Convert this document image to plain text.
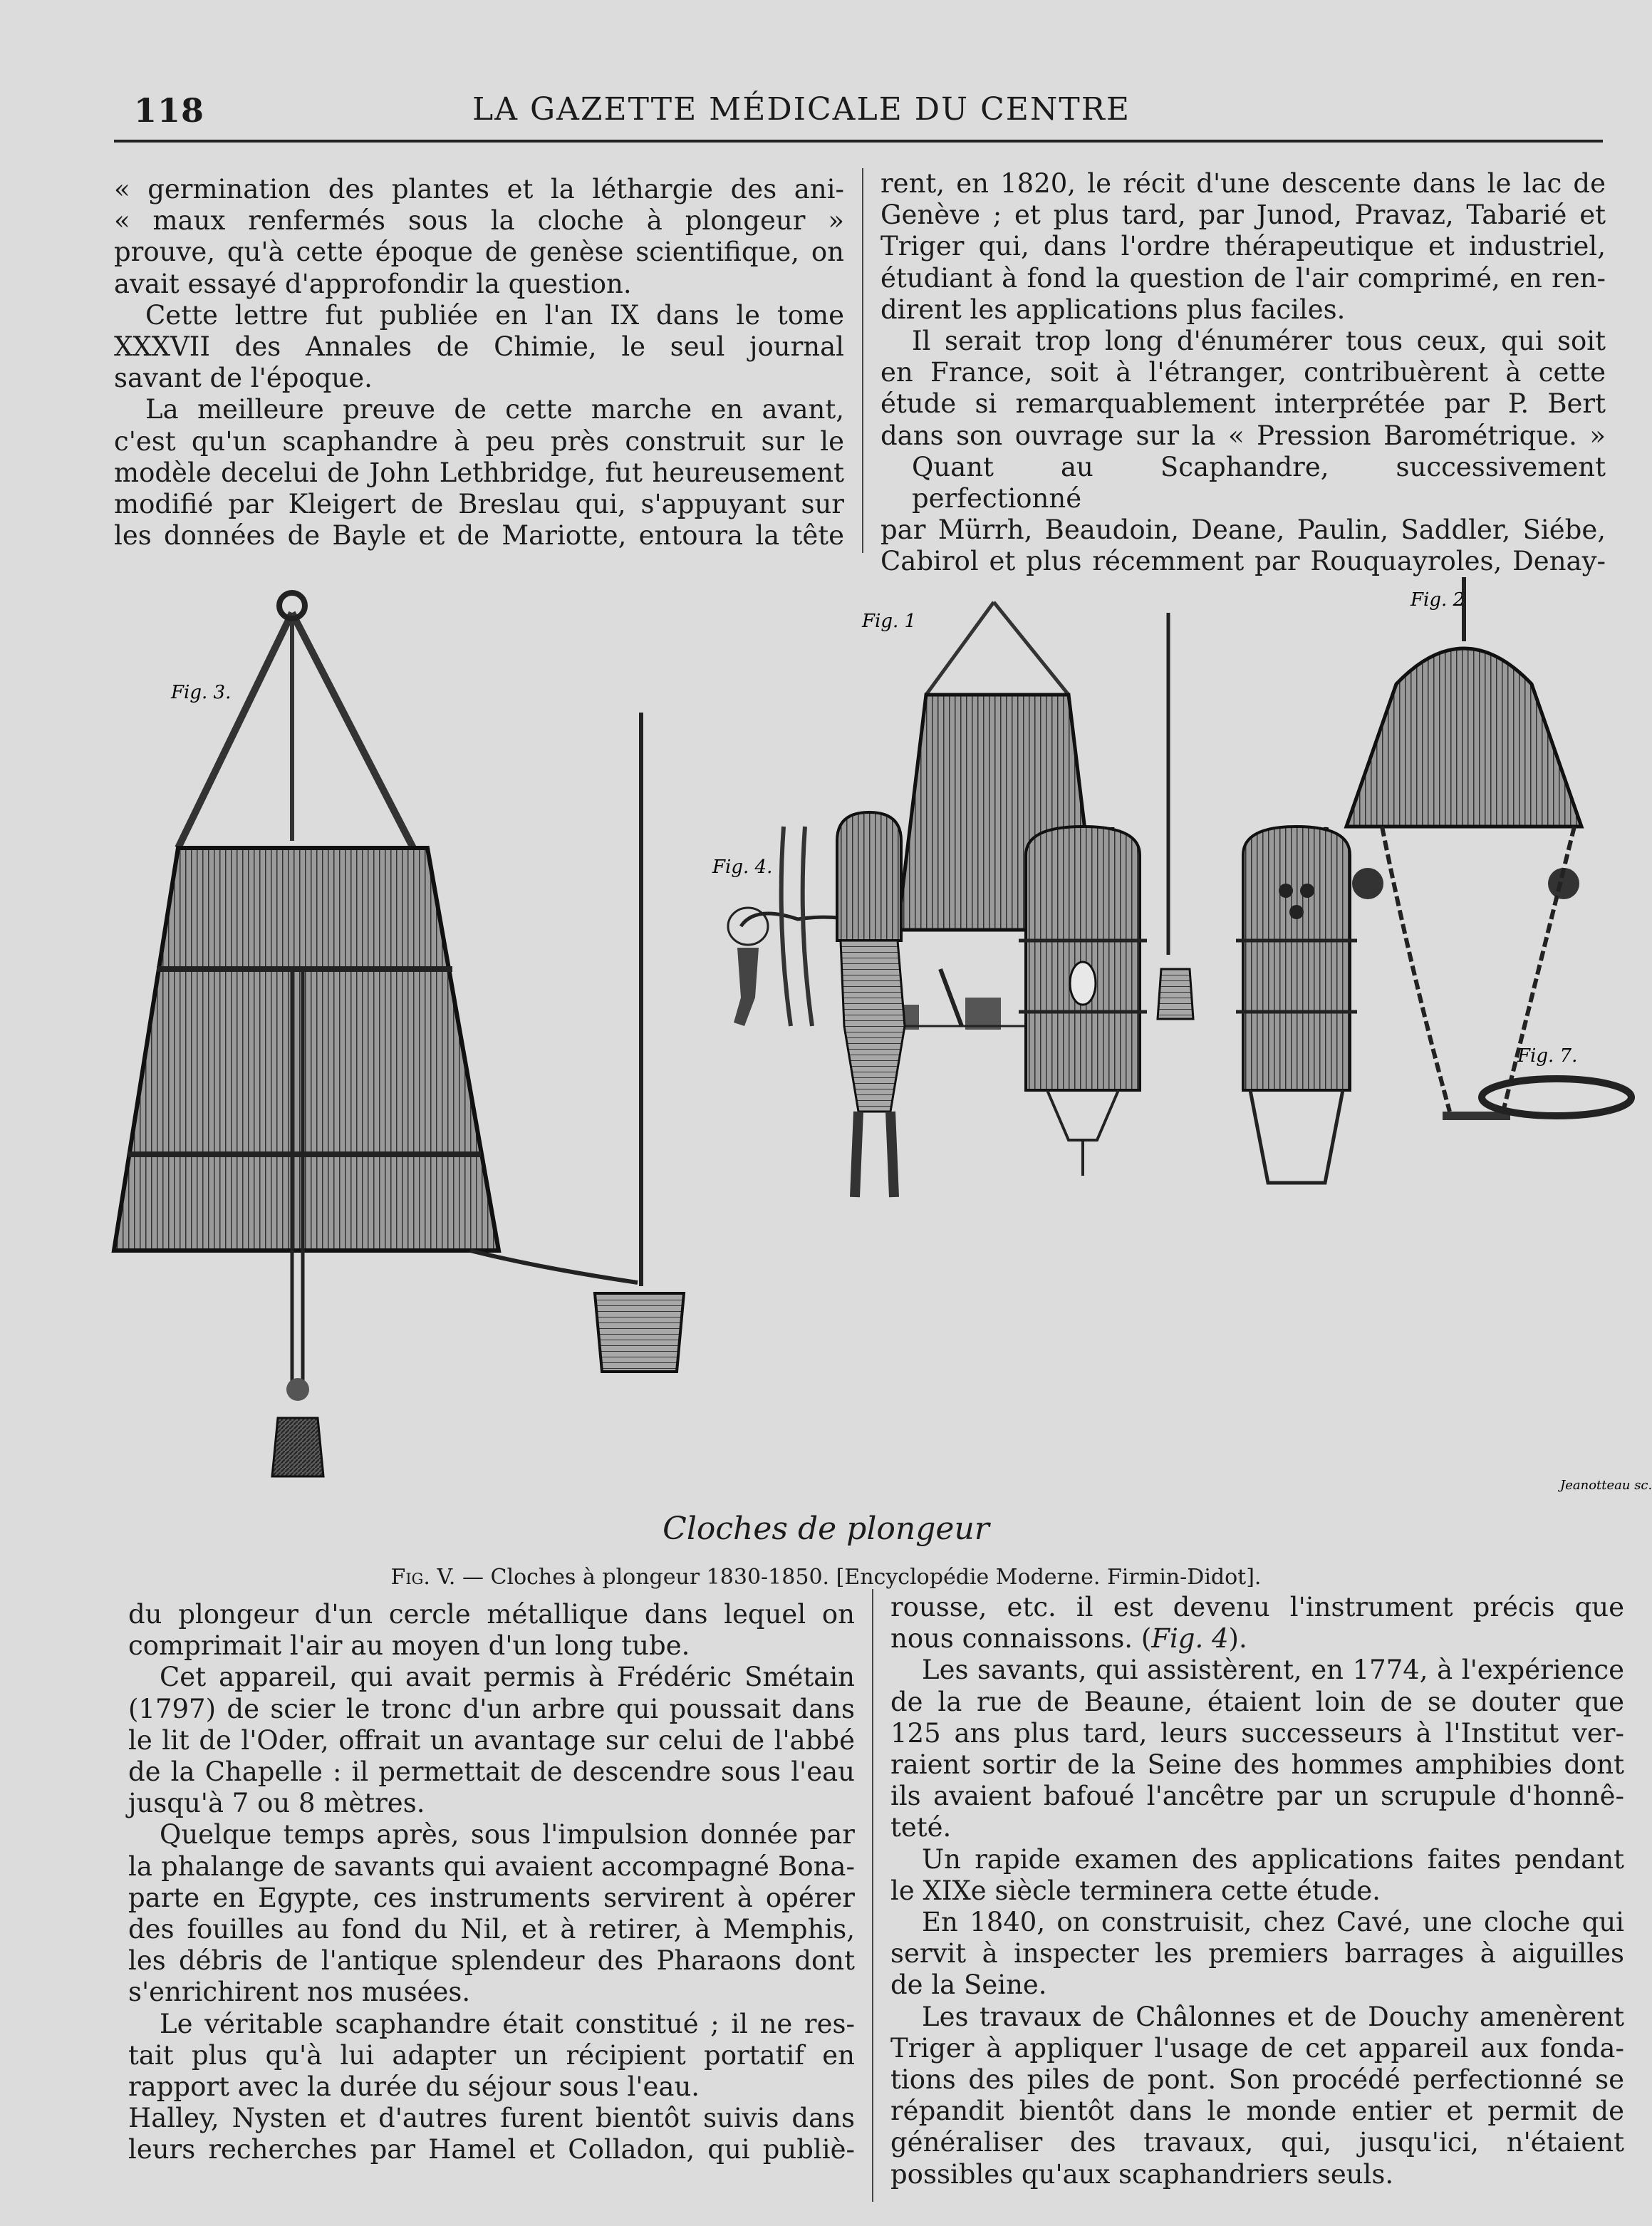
118	LA GAZETTE MÉDICALE DU CENTRE
« germination des plantes et la léthargie des ani-
« maux renfermés sous la cloche à plongeur »
prouve, qu'à cette époque de genèse scientifique, on
avait essayé d'approfondir la question.
Cette lettre fut publiée en l'an IX dans le tome
XXXVII des Annales de Chimie, le seul journal
savant de l'époque.
La meilleure preuve de cette marche en avant,
c'est qu'un scaphandre à peu près construit sur le
modèle decelui de John Lethbridge, fut heureusement
modifié par Kleigert de Breslau qui, s'appuyant sur
les données de Bayle et de Mariotte, entoura la tête
rent, en 1820, le récit d'une descente dans le lac de
Genève ; et plus tard, par Junod, Pravaz, Tabarié et
Triger qui, dans l'ordre thérapeutique et industriel,
étudiant à fond la question de l'air comprimé, en ren-
dirent les applications plus faciles.
Il serait trop long d'énumérer tous ceux, qui soit
en France, soit à l'étranger, contribuèrent à cette
étude si remarquablement interprétée par P. Bert
dans son ouvrage sur la « Pression Barométrique. »
Quant au Scaphandre, successivement perfectionné
par Mürrh, Beaudoin, Deane, Paulin, Saddler, Siébe,
Cabirol et plus récemment par Rouquayroles, Denay-
Fig. 3.
Fig. 1
Fig. 2
Fig. 4.
Fig. 7.
Jeanotteau sc.
Cloches de plongeur
Fig. V. — Cloches à plongeur 1830-1850. [Encyclopédie Moderne. Firmin-Didot].
du plongeur d'un cercle métallique dans lequel on
comprimait l'air au moyen d'un long tube.
Cet appareil, qui avait permis à Frédéric Smétain
(1797) de scier le tronc d'un arbre qui poussait dans
le lit de l'Oder, offrait un avantage sur celui de l'abbé
de la Chapelle : il permettait de descendre sous l'eau
jusqu'à 7 ou 8 mètres.
Quelque temps après, sous l'impulsion donnée par
la phalange de savants qui avaient accompagné Bona-
parte en Egypte, ces instruments servirent à opérer
des fouilles au fond du Nil, et à retirer, à Memphis,
les débris de l'antique splendeur des Pharaons dont
s'enrichirent nos musées.
Le véritable scaphandre était constitué ; il ne res-
tait plus qu'à lui adapter un récipient portatif en
rapport avec la durée du séjour sous l'eau.
Halley, Nysten et d'autres furent bientôt suivis dans
leurs recherches par Hamel et Colladon, qui publiè-
rousse, etc. il est devenu l'instrument précis que
nous connaissons. (Fig. 4).
Les savants, qui assistèrent, en 1774, à l'expérience
de la rue de Beaune, étaient loin de se douter que
125 ans plus tard, leurs successeurs à l'Institut ver-
raient sortir de la Seine des hommes amphibies dont
ils avaient bafoué l'ancêtre par un scrupule d'honnê-
teté.
Un rapide examen des applications faites pendant
le XIXe siècle terminera cette étude.
En 1840, on construisit, chez Cavé, une cloche qui
servit à inspecter les premiers barrages à aiguilles
de la Seine.
Les travaux de Châlonnes et de Douchy amenèrent
Triger à appliquer l'usage de cet appareil aux fonda-
tions des piles de pont. Son procédé perfectionné se
répandit bientôt dans le monde entier et permit de
généraliser des travaux, qui, jusqu'ici, n'étaient
possibles qu'aux scaphandriers seuls.
